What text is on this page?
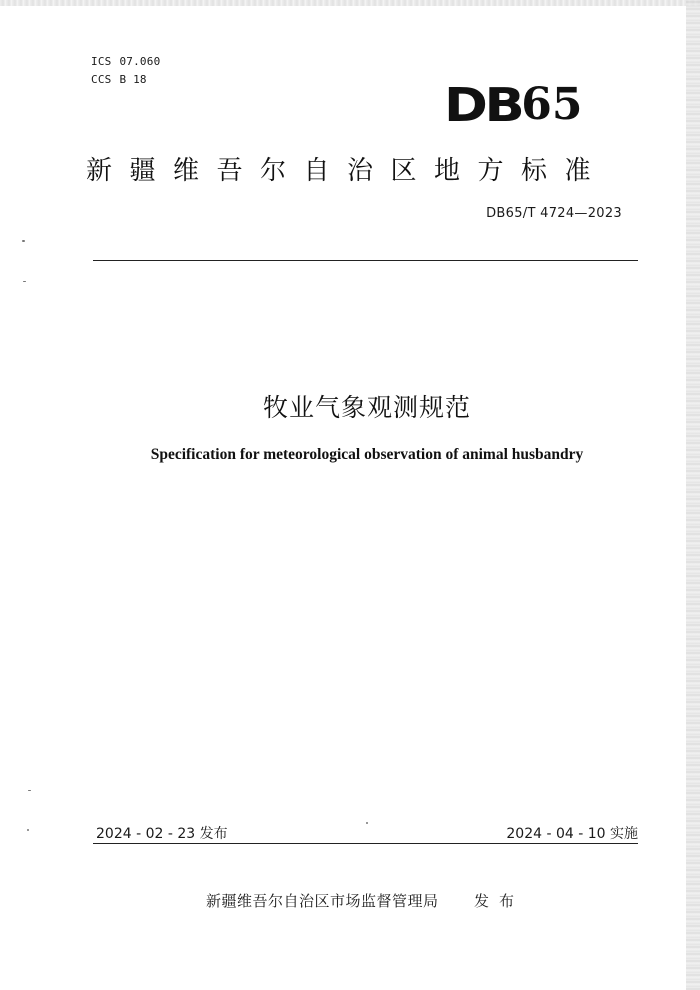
ICS 07.060
CCS B 18	DB 65
新疆维吾尔自治区地方标准
DB65/T 4724—2023
牧业气象观测规范
Specification for meteorological observation of animal husbandry
2024 - 02 - 23 发布	2024 - 04 - 10 实施
新疆维吾尔自治区市场监督管理局 发布
